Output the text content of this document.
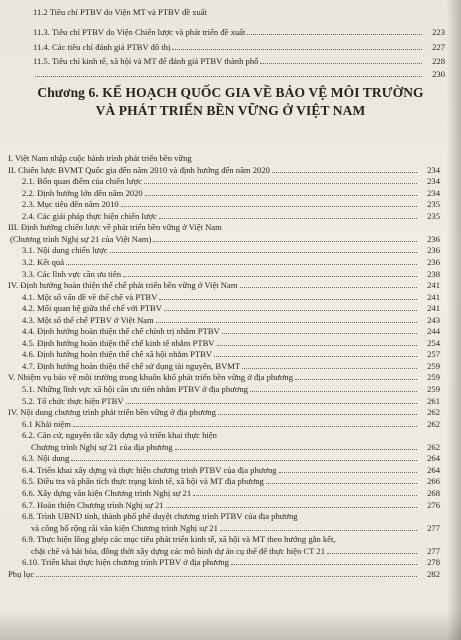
11.2 Tiêu chí PTBV do Viện MT và PTBV đề xuất
11.3. Tiêu chí PTBV do Viện Chiến lược và phát triển đề xuất	223
11.4. Các tiêu chí đánh giá PTBV đô thị	227
11.5. Tiêu chí kinh tế, xã hội và MT để đánh giá PTBV thành phố	228
230
I. Việt Nam nhập cuộc hành trình phát triển bền vững
II. Chiến lược BVMT Quốc gia đến năm 2010 và định hướng đến năm 2020	234
2.1. Bốn quan điểm của chiến lược	234
2.2. Định hướng lớn đến năm 2020	234
2.3. Mục tiêu đến năm 2010	235
2.4. Các giải pháp thực hiện chiến lược	235
III. Định hướng chiến lược về phát triển bền vững ở Việt Nam
(Chương trình Nghị sự 21 của Việt Nam)	236
3.1. Nội dung chiến lược	236
3.2. Kết quả	236
3.3. Các lĩnh vực cần ưu tiên	238
IV. Định hướng hoàn thiện thể chế phát triển bền vững ở Việt Nam	241
4.1. Một số vấn đề về thể chế và PTBV	241
4.2. Mối quan hệ giữa thể chế với PTBV	241
4.3. Một số thể chế PTBV ở Việt Nam	243
4.4. Định hướng hoàn thiện thể chế chính trị nhằm PTBV	244
4.5. Định hướng hoàn thiện thể chế kinh tế nhằm PTBV	254
4.6. Định hướng hoàn thiện thể chế xã hội nhằm PTBV	257
4.7. Định hướng hoàn thiện thể chế sử dụng tài nguyên, BVMT	259
V. Nhiệm vụ bảo vệ môi trường trong khuôn khổ phát triển bền vững ở địa phương	259
5.1. Những lĩnh vực xã hội cần ưu tiên nhằm PTBV ở địa phương	259
5.2. Tổ chức thực hiện PTBV	261
IV. Nội dung chương trình phát triển bền vững ở địa phương	262
6.1 Khái niệm	262
6.2. Căn cứ, nguyên tắc xây dựng và triển khai thực hiện
Chương trình Nghị sự 21 của địa phương	262
6.3. Nội dung	264
6.4. Triển khai xây dựng và thực hiện chương trình PTBV của địa phương	264
6.5. Điều tra và phân tích thực trạng kinh tế, xã hội và MT địa phương	266
6.6. Xây dựng văn kiện Chương trình Nghị sự 21	268
6.7. Hoàn thiện Chương trình Nghị sự 21	276
6.8. Trình UBND tỉnh, thành phố phê duyệt chương trình PTBV của địa phương
và công bố rộng rãi văn kiện Chương trình Nghị sự 21	277
6.9. Thực hiện lồng ghép các mục tiêu phát triển kinh tế, xã hội và MT theo hướng gắn kết,
chặt chẽ và hài hòa, đồng thời xây dựng các mô hình dự án cụ thể để thực hiện CT 21	277
6.10. Triển khai thực hiện chương trình PTBV ở địa phương	278
Phụ lục	282
Chương 6. KẾ HOẠCH QUỐC GIA VỀ BẢO VỆ MÔI TRƯỜNG
VÀ PHÁT TRIỂN BỀN VỮNG Ở VIỆT NAM
